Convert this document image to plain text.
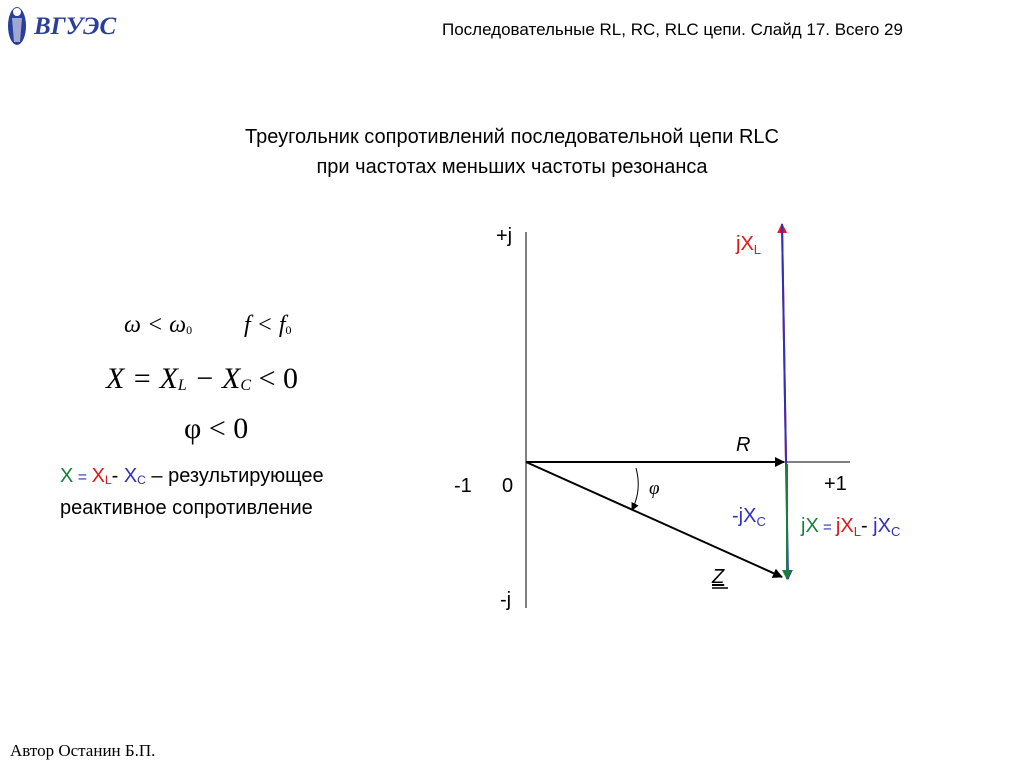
ВГУЭС	Последовательные RL, RC, RLC цепи. Слайд 17. Всего 29
Треугольник сопротивлений последовательной цепи RLC
при частотах меньших частоты резонанса
$\omega < \omega_0$ $f < f_0$
$X = X_L - X_C < 0$
φ < 0
$X = X_L-$ $X_C$ – результирующее
реактивное сопротивление
φ
+j
-j
-1 0	+1
R
Z
$jX_L$
$-jX_C$ jX = $jX_L-$ $jX_C$
Автор Останин Б.П.
